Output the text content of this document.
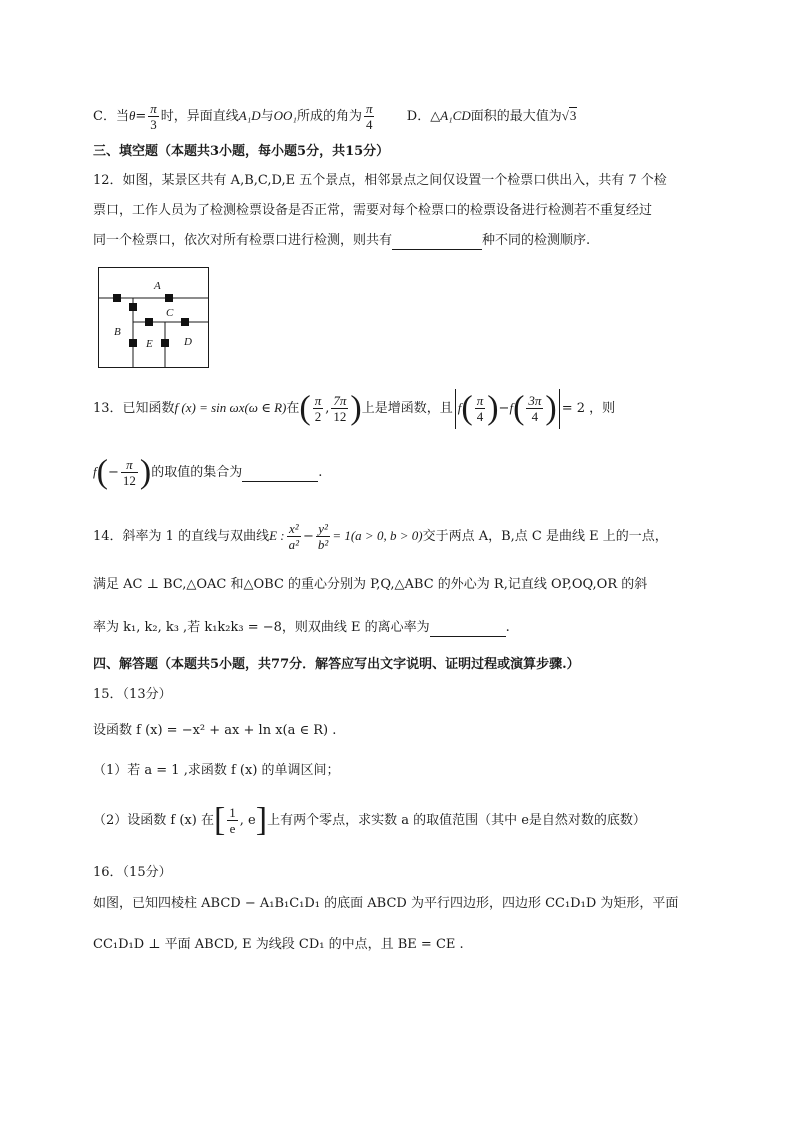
C．当$\theta= \frac{\pi}{3}$ 时，异面直线A₁D与OO₁所成的角为 $\frac{\pi}{4}$ D．△A₁CD面积的最大值为√3
三、填空题（本题共3小题，每小题5分，共15分）
12．如图，某景区共有 A,B,C,D,E 五个景点，相邻景点之间仅设置一个检票口供出入，共有 7 个检
票口，工作人员为了检测检票设备是否正常，需要对每个检票口的检票设备进行检测若不重复经过
同一个检票口，依次对所有检票口进行检测，则共有	种不同的检测顺序.
A
B
C
D
E
13．已知函数f (x) = sin ωx(ω ∈ R)在( $\frac{\pi}{2}$ , $\frac{7\pi}{12}$ )上是增函数，且 $f( \frac{\pi}{4} )-f( \frac{3\pi}{4}$ ) = 2 ，则
$f(- \frac{\pi}{12}$ )的取值的集合为	.
14．斜率为 1 的直线与双曲线E : $\frac{\text{x²}}{\text{a²}} - \frac{\text{y²}}{\text{b²}} = 1(a > 0$, b > 0)交于两点 A，B,点 C 是曲线 E 上的一点，
满足 AC ⊥ BC,△OAC 和△OBC 的重心分别为 P,Q,△ABC 的外心为 R,记直线 OP,OQ,OR 的斜
率为 k₁, k₂, k₃ ,若 k₁k₂k₃ = −8，则双曲线 E 的离心率为	.
四、解答题（本题共5小题，共77分．解答应写出文字说明、证明过程或演算步骤.）
15．（13分）
设函数 f (x) = −x² + ax + ln x(a ∈ R) .
（1）若 a = 1 ,求函数 f (x) 的单调区间；
（2）设函数 f (x) 在[ $\frac{1}{e}$ , e]上有两个零点，求实数 a 的取值范围（其中 e是自然对数的底数）
16．（15分）
如图，已知四棱柱 ABCD − A₁B₁C₁D₁ 的底面 ABCD 为平行四边形，四边形 CC₁D₁D 为矩形，平面
CC₁D₁D ⊥ 平面 ABCD, E 为线段 CD₁ 的中点，且 BE = CE .
